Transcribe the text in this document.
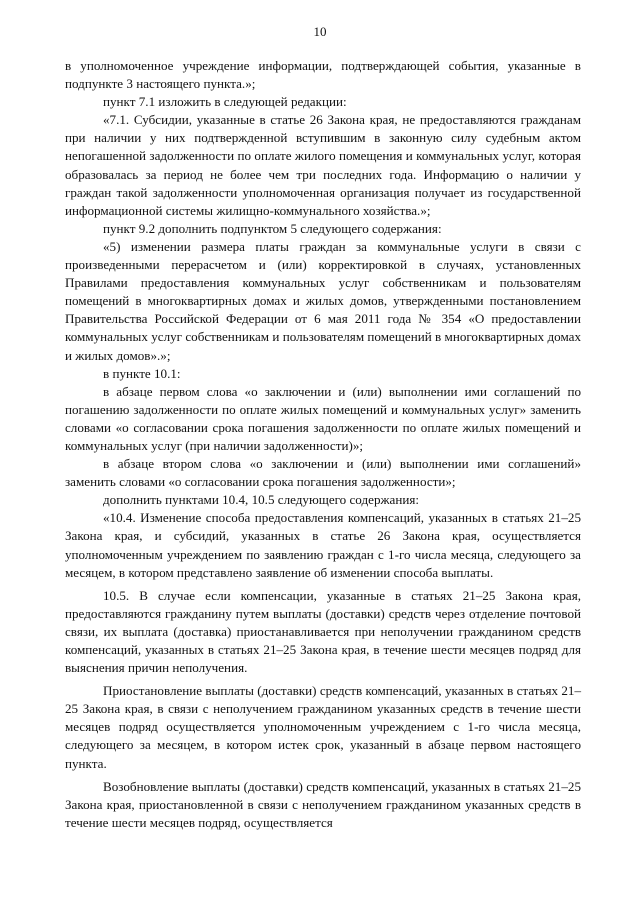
10

в уполномоченное учреждение информации, подтверждающей события, указанные в подпункте 3 настоящего пункта.»;

пункт 7.1 изложить в следующей редакции:

«7.1. Субсидии, указанные в статье 26 Закона края, не предоставляются гражданам при наличии у них подтвержденной вступившим в законную силу судебным актом непогашенной задолженности по оплате жилого помещения и коммунальных услуг, которая образовалась за период не более чем три последних года. Информацию о наличии у граждан такой задолженности уполномоченная организация получает из государственной информационной системы жилищно-коммунального хозяйства.»;

пункт 9.2 дополнить подпунктом 5 следующего содержания:

«5) изменении размера платы граждан за коммунальные услуги в связи с произведенными перерасчетом и (или) корректировкой в случаях, установленных Правилами предоставления коммунальных услуг собственникам и пользователям помещений в многоквартирных домах и жилых домов, утвержденными постановлением Правительства Российской Федерации от 6 мая 2011 года № 354 «О предоставлении коммунальных услуг собственникам и пользователям помещений в многоквартирных домах и жилых домов».»;

в пункте 10.1:

в абзаце первом слова «о заключении и (или) выполнении ими соглашений по погашению задолженности по оплате жилых помещений и коммунальных услуг» заменить словами «о согласовании срока погашения задолженности по оплате жилых помещений и коммунальных услуг (при наличии задолженности)»;

в абзаце втором слова «о заключении и (или) выполнении ими соглашений» заменить словами «о согласовании срока погашения задолженности»;

дополнить пунктами 10.4, 10.5 следующего содержания:

«10.4. Изменение способа предоставления компенсаций, указанных в статьях 21–25 Закона края, и субсидий, указанных в статье 26 Закона края, осуществляется уполномоченным учреждением по заявлению граждан с 1-го числа месяца, следующего за месяцем, в котором представлено заявление об изменении способа выплаты.

10.5. В случае если компенсации, указанные в статьях 21–25 Закона края, предоставляются гражданину путем выплаты (доставки) средств через отделение почтовой связи, их выплата (доставка) приостанавливается при неполучении гражданином средств компенсаций, указанных в статьях 21–25 Закона края, в течение шести месяцев подряд для выяснения причин неполучения.

Приостановление выплаты (доставки) средств компенсаций, указанных в статьях 21–25 Закона края, в связи с неполучением гражданином указанных средств в течение шести месяцев подряд осуществляется уполномоченным учреждением с 1-го числа месяца, следующего за месяцем, в котором истек срок, указанный в абзаце первом настоящего пункта.

Возобновление выплаты (доставки) средств компенсаций, указанных в статьях 21–25 Закона края, приостановленной в связи с неполучением гражданином указанных средств в течение шести месяцев подряд, осуществляется
